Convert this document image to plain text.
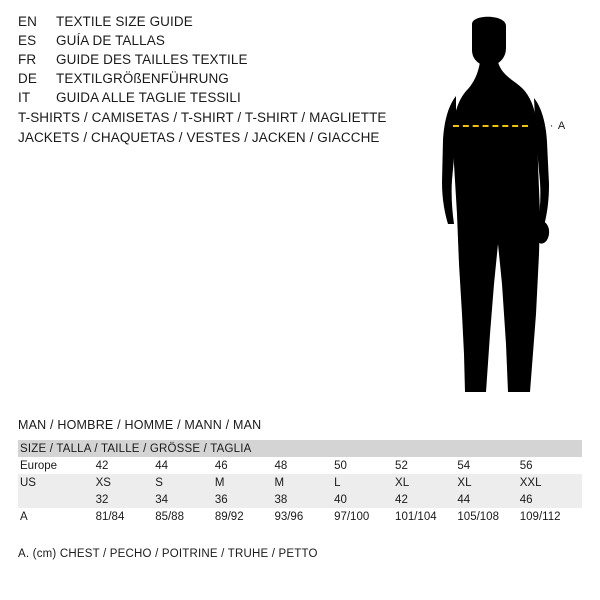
EN	TEXTILE SIZE GUIDE
ES	GUÍA DE TALLAS
FR	GUIDE DES TAILLES TEXTILE
DE	TEXTILGRÖßENFÜHRUNG
IT	GUIDA ALLE TAGLIE TESSILI
T-SHIRTS / CAMISETAS / T-SHIRT / T-SHIRT / MAGLIETTE
JACKETS / CHAQUETAS / VESTES / JACKEN / GIACCHE
· · A
MAN / HOMBRE / HOMME / MANN / MAN
SIZE / TALLA / TAILLE / GRÖSSE / TAGLIA								
Europe	42	44	46	48	50	52	54	56
US	XS	S	M	M	L	XL	XL	XXL
	32	34	36	38	40	42	44	46
A	81/84	85/88	89/92	93/96	97/100	101/104	105/108	109/112
A. (cm) CHEST / PECHO / POITRINE / TRUHE / PETTO
